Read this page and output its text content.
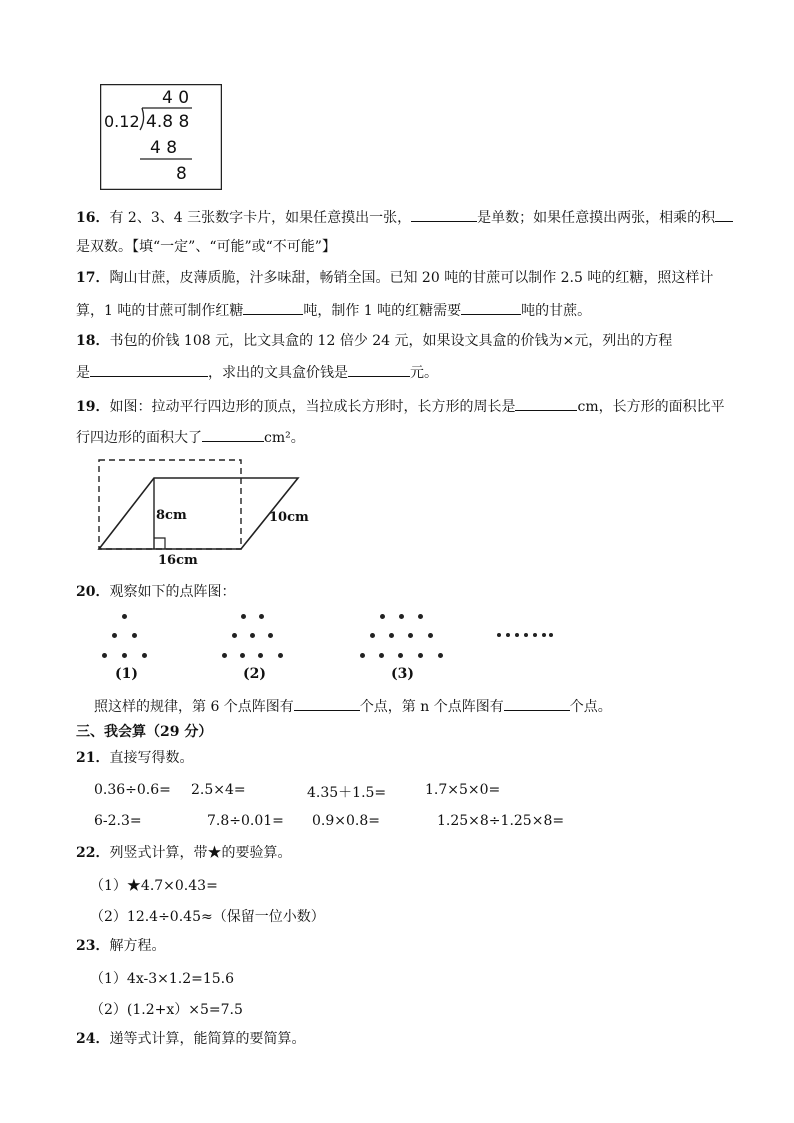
4 0
0.12 4.8 8
4 8
8
16．有 2、3、4 三张数字卡片，如果任意摸出一张，	是单数；如果任意摸出两张，相乘的积
是双数。【填“一定”、“可能”或“不可能”】
17．陶山甘蔗，皮薄质脆，汁多味甜，畅销全国。已知 20 吨的甘蔗可以制作 2.5 吨的红糖，照这样计
算，1 吨的甘蔗可制作红糖	吨，制作 1 吨的红糖需要	吨的甘蔗。
18．书包的价钱 108 元，比文具盒的 12 倍少 24 元，如果设文具盒的价钱为×元，列出的方程
是	，求出的文具盒价钱是	元。
19．如图：拉动平行四边形的顶点，当拉成长方形时，长方形的周长是	cm，长方形的面积比平
行四边形的面积大了	cm²。
8cm	10cm
16cm
20．观察如下的点阵图：
(1)	(2)	(3)
照这样的规律，第 6 个点阵图有	个点，第 n 个点阵图有	个点。
三、我会算（29 分）
21．直接写得数。
0.36÷0.6= 2.5×4=	4.35＋1.5=	1.7×5×0=
6-2.3=	7.8÷0.01= 0.9×0.8=	1.25×8÷1.25×8=
22．列竖式计算，带★的要验算。
（1）★4.7×0.43=
（2）12.4÷0.45≈（保留一位小数）
23．解方程。
（1）4x-3×1.2=15.6
（2）(1.2+x）×5=7.5
24．递等式计算，能简算的要简算。
